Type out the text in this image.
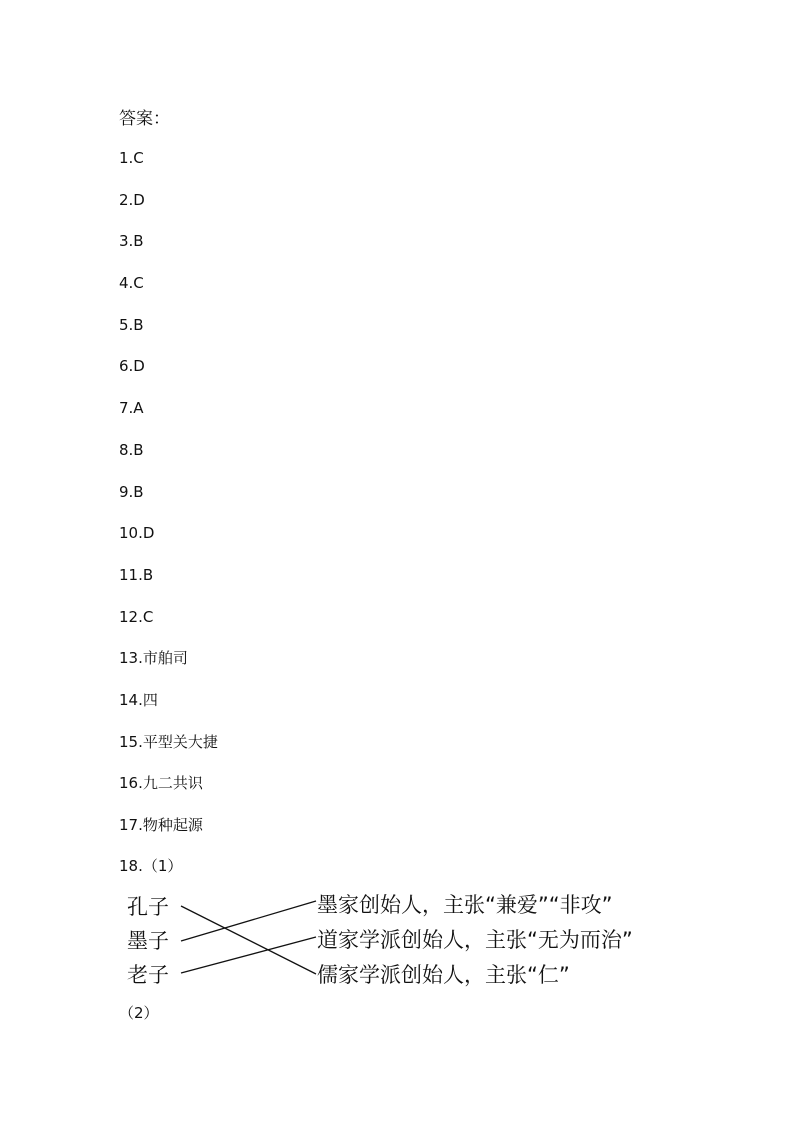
答案：
1.C
2.D
3.B
4.C
5.B
6.D
7.A
8.B
9.B
10.D
11.B
12.C
13.市舶司
14.四
15.平型关大捷
16.九二共识
17.物种起源
18.（1）
孔子
墨子
老子
墨家创始人，主张“兼爱”“非攻”
道家学派创始人，主张“无为而治”
儒家学派创始人，主张“仁”
（2）
